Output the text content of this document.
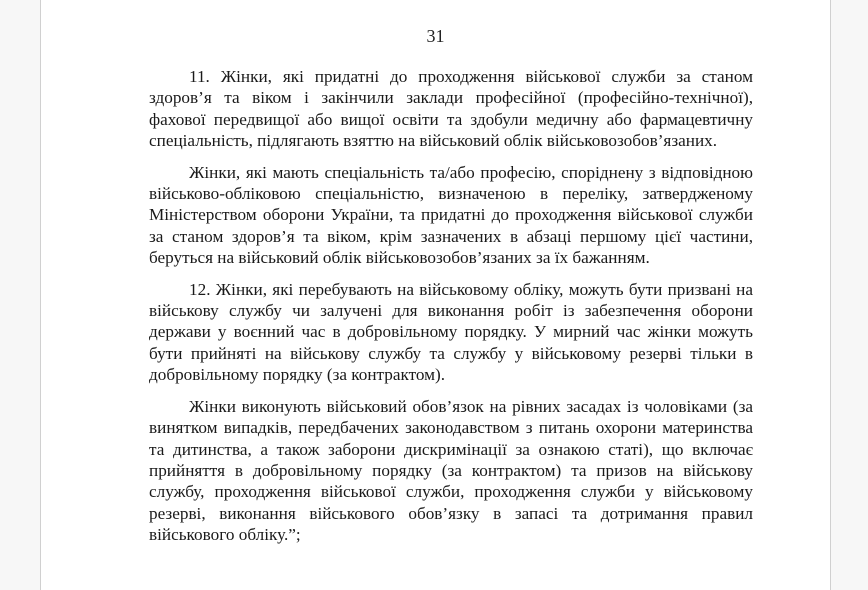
31

11. Жінки, які придатні до проходження військової служби за станом здоров’я та віком і закінчили заклади професійної (професійно-технічної), фахової передвищої або вищої освіти та здобули медичну або фармацевтичну спеціальність, підлягають взяттю на військовий облік військовозобов’язаних.

Жінки, які мають спеціальність та/або професію, споріднену з відповідною військово-обліковою спеціальністю, визначеною в переліку, затвердженому Міністерством оборони України, та придатні до проходження військової служби за станом здоров’я та віком, крім зазначених в абзаці першому цієї частини, беруться на військовий облік військовозобов’язаних за їх бажанням.

12. Жінки, які перебувають на військовому обліку, можуть бути призвані на військову службу чи залучені для виконання робіт із забезпечення оборони держави у воєнний час в добровільному порядку. У мирний час жінки можуть бути прийняті на військову службу та службу у військовому резерві тільки в добровільному порядку (за контрактом).

Жінки виконують військовий обов’язок на рівних засадах із чоловіками (за винятком випадків, передбачених законодавством з питань охорони материнства та дитинства, а також заборони дискримінації за ознакою статі), що включає прийняття в добровільному порядку (за контрактом) та призов на військову службу, проходження військової служби, проходження служби у військовому резерві, виконання військового обов’язку в запасі та дотримання правил військового обліку.”;
